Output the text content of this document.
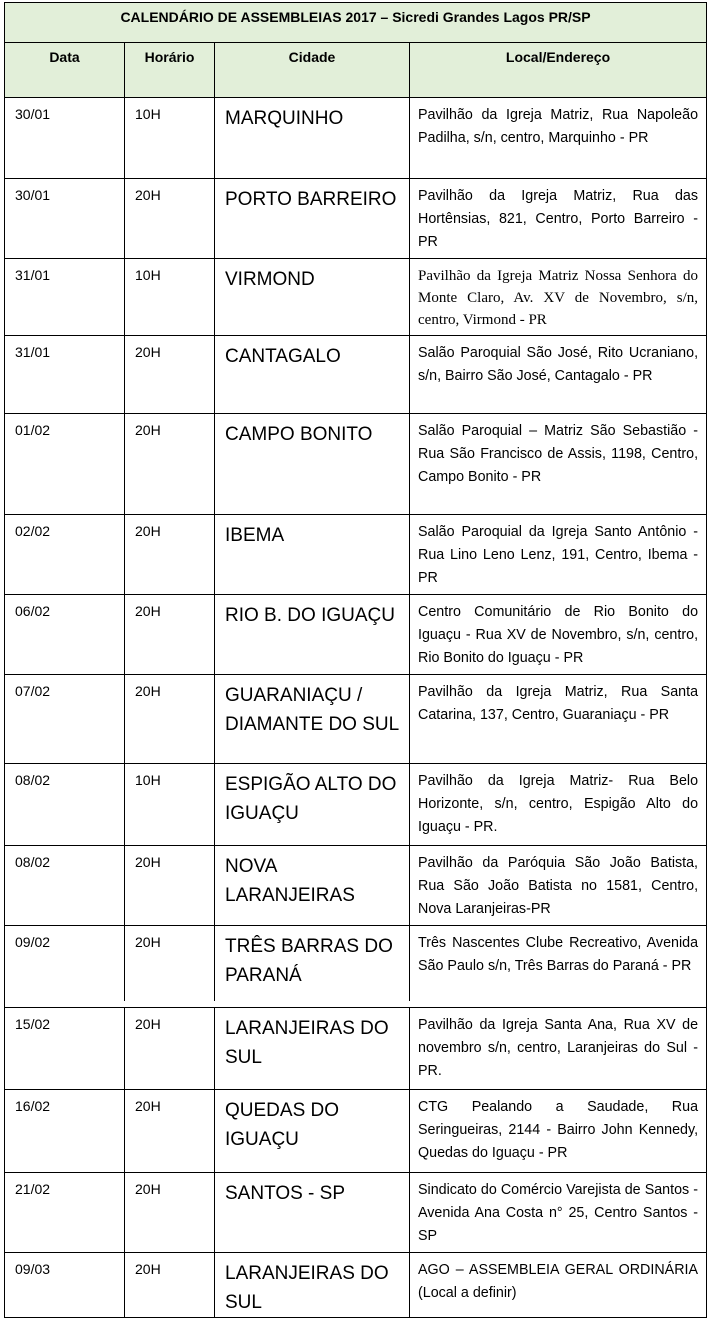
CALENDÁRIO DE ASSEMBLEIAS 2017 – Sicredi Grandes Lagos PR/SP			
Data	Horário	Cidade	Local/Endereço
30/01	10H	MARQUINHO	Pavilhão da Igreja Matriz, Rua Napoleão Padilha, s/n, centro, Marquinho - PR
30/01	20H	PORTO BARREIRO	Pavilhão da Igreja Matriz, Rua das Hortênsias, 821, Centro, Porto Barreiro - PR
31/01	10H	VIRMOND	Pavilhão da Igreja Matriz Nossa Senhora do Monte Claro, Av. XV de Novembro, s/n, centro, Virmond - PR
31/01	20H	CANTAGALO	Salão Paroquial São José, Rito Ucraniano, s/n, Bairro São José, Cantagalo - PR
01/02	20H	CAMPO BONITO	Salão Paroquial – Matriz São Sebastião - Rua São Francisco de Assis, 1198, Centro, Campo Bonito - PR
02/02	20H	IBEMA	Salão Paroquial da Igreja Santo Antônio - Rua Lino Leno Lenz, 191, Centro, Ibema - PR
06/02	20H	RIO B. DO IGUAÇU	Centro Comunitário de Rio Bonito do Iguaçu - Rua XV de Novembro, s/n, centro, Rio Bonito do Iguaçu - PR
07/02	20H	GUARANIAÇU / DIAMANTE DO SUL	Pavilhão da Igreja Matriz, Rua Santa Catarina, 137, Centro, Guaraniaçu - PR
08/02	10H	ESPIGÃO ALTO DO IGUAÇU	Pavilhão da Igreja Matriz- Rua Belo Horizonte, s/n, centro, Espigão Alto do Iguaçu - PR.
08/02	20H	NOVA LARANJEIRAS	Pavilhão da Paróquia São João Batista, Rua São João Batista no 1581, Centro, Nova Laranjeiras-PR
09/02	20H	TRÊS BARRAS DO PARANÁ	Três Nascentes Clube Recreativo, Avenida São Paulo s/n, Três Barras do Paraná - PR

15/02	20H	LARANJEIRAS DO SUL	Pavilhão da Igreja Santa Ana, Rua XV de novembro s/n, centro, Laranjeiras do Sul - PR.
16/02	20H	QUEDAS DO IGUAÇU	CTG Pealando a Saudade, Rua Seringueiras, 2144 - Bairro John Kennedy, Quedas do Iguaçu - PR
21/02	20H	SANTOS - SP	Sindicato do Comércio Varejista de Santos - Avenida Ana Costa n° 25, Centro Santos - SP
09/03	20H	LARANJEIRAS DO SUL	AGO – ASSEMBLEIA GERAL ORDINÁRIA (Local a definir)
